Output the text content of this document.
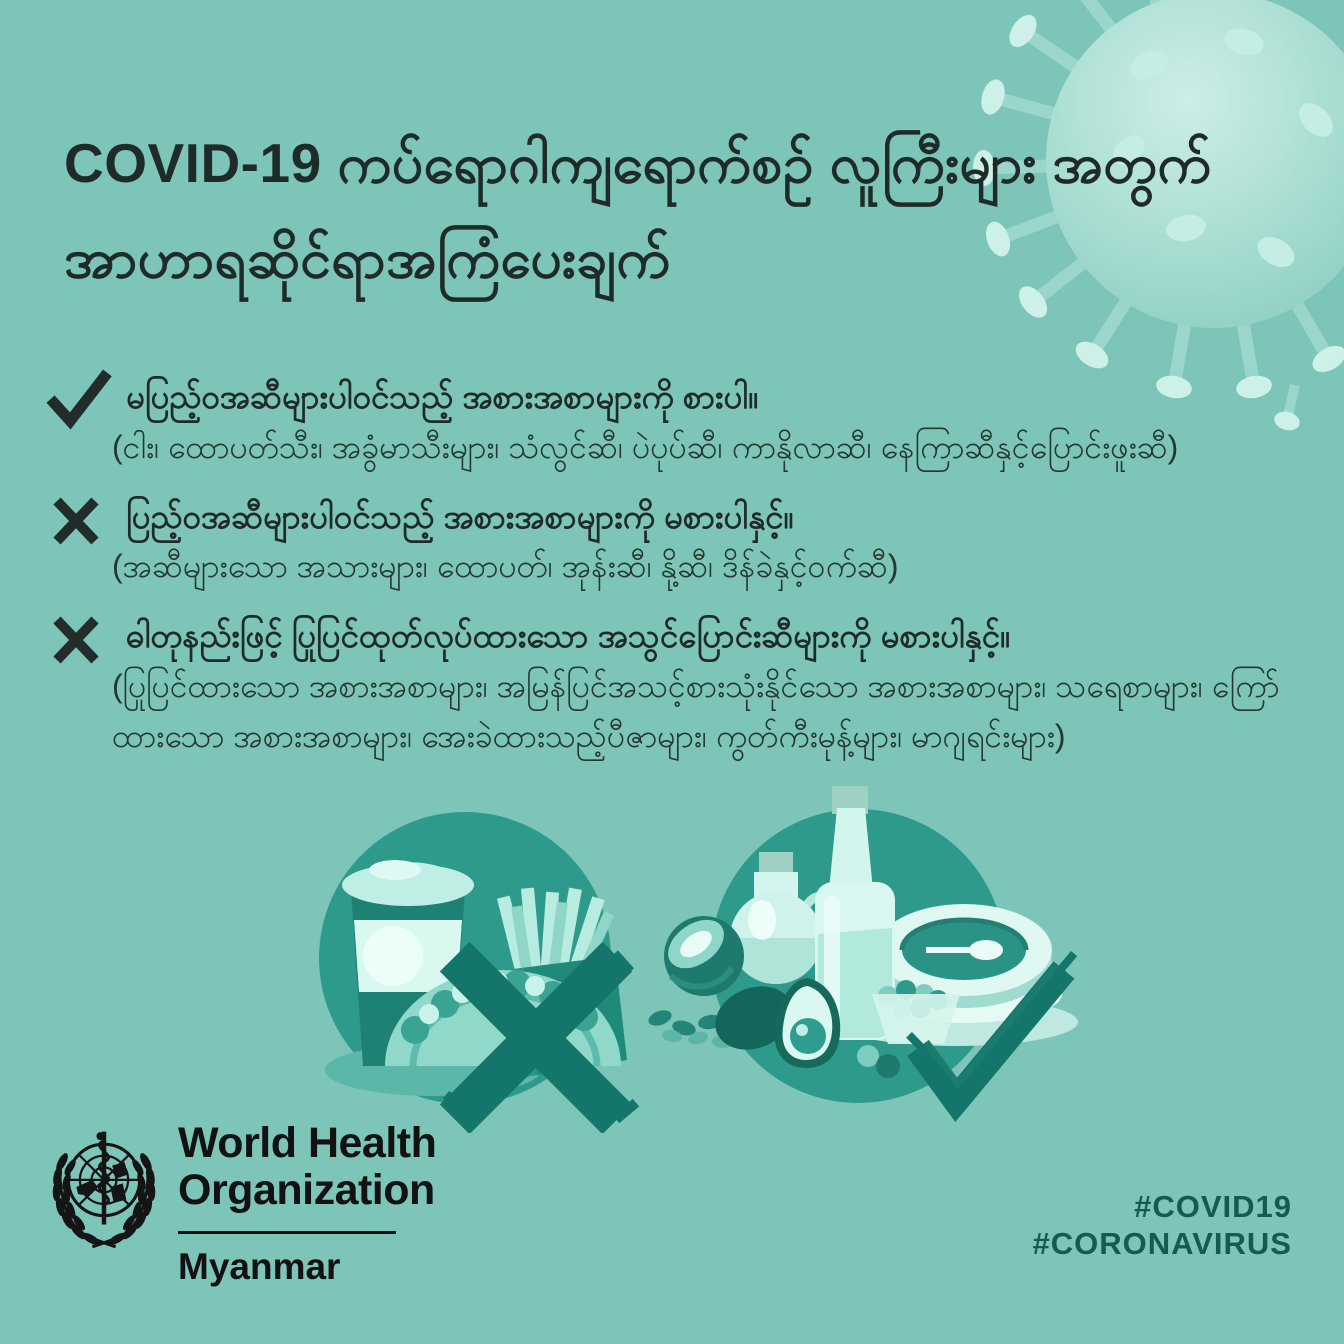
COVID-19 ကပ်ရောဂါကျရောက်စဉ် လူကြီးများ အတွက် အာဟာရဆိုင်ရာအကြံပေးချက်
မပြည့်ဝအဆီများပါဝင်သည့် အစားအစာများကို စားပါ။
(ငါး၊ ထောပတ်သီး၊ အခွံမာသီးများ၊ သံလွင်ဆီ၊ ပဲပုပ်ဆီ၊ ကာနိုလာဆီ၊ နေကြာဆီနှင့်ပြောင်းဖူးဆီ)
ပြည့်ဝအဆီများပါဝင်သည့် အစားအစာများကို မစားပါနှင့်။
(အဆီများသော အသားများ၊ ထောပတ်၊ အုန်းဆီ၊ နို့ဆီ၊ ဒိန်ခဲနှင့်ဝက်ဆီ)
ဓါတုနည်းဖြင့် ပြုပြင်ထုတ်လုပ်ထားသော အသွင်ပြောင်းဆီများကို မစားပါနှင့်။
(ပြုပြင်ထားသော အစားအစာများ၊ အမြန်ပြင်အသင့်စားသုံးနိုင်သော အစားအစာများ၊ သရေစာများ၊ ကြော်ထားသော အစားအစာများ၊ အေးခဲထားသည့်ပီဇာများ၊ ကွတ်ကီးမုန့်များ၊ မာဂျရင်းများ)
World Health Organization
Myanmar
#COVID19
#CORONAVIRUS
